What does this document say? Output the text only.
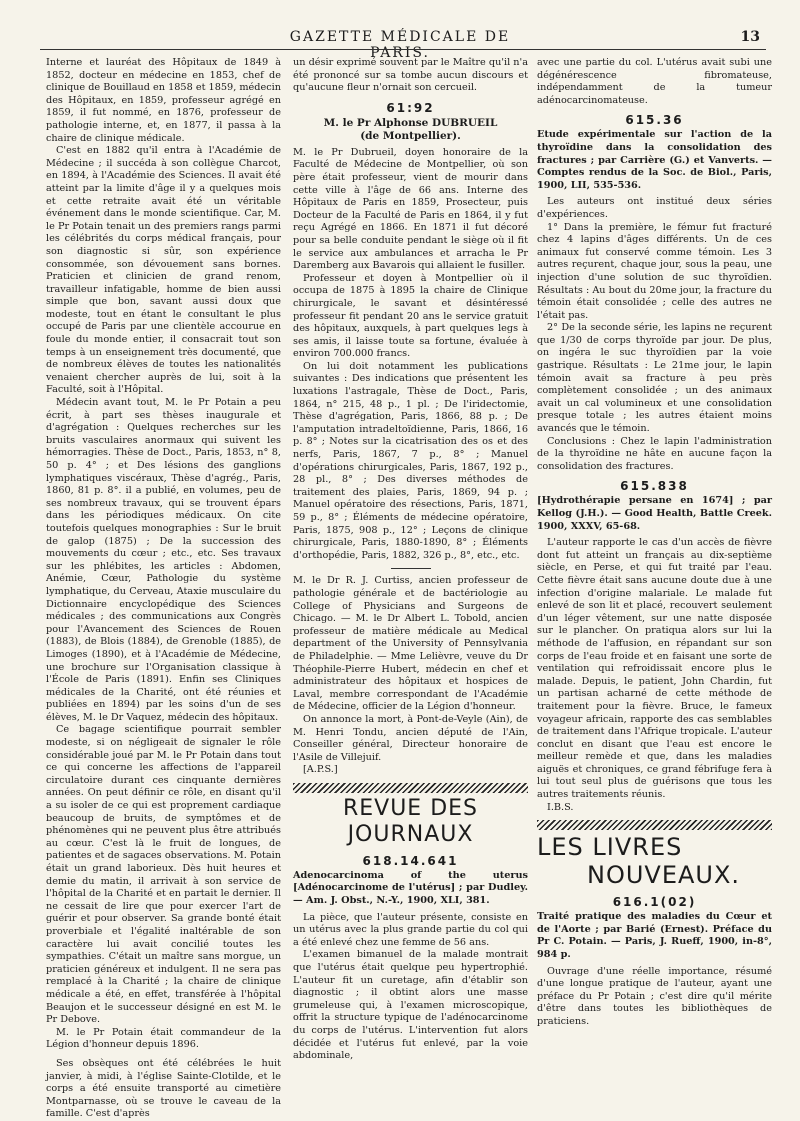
GAZETTE MÉDICALE DE PARIS.
13

Interne et lauréat des Hôpitaux de 1849 à 1852, docteur en médecine en 1853, chef de clinique de Bouillaud en 1858 et 1859, médecin des Hôpitaux, en 1859, professeur agrégé en 1859, il fut nommé, en 1876, professeur de pathologie interne, et, en 1877, il passa à la chaire de clinique médicale.

C'est en 1882 qu'il entra à l'Académie de Médecine ; il succéda à son collègue Charcot, en 1894, à l'Académie des Sciences. Il avait été atteint par la limite d'âge il y a quelques mois et cette retraite avait été un véritable événement dans le monde scientifique. Car, M. le Pr Potain tenait un des premiers rangs parmi les célébrités du corps médical français, pour son diagnostic si sûr, son expérience consommée, son dévouement sans bornes. Praticien et clinicien de grand renom, travailleur infatigable, homme de bien aussi simple que bon, savant aussi doux que modeste, tout en étant le consultant le plus occupé de Paris par une clientèle accourue en foule du monde entier, il consacrait tout son temps à un enseignement très documenté, que de nombreux élèves de toutes les nationalités venaient chercher auprès de lui, soit à la Faculté, soit à l'Hôpital.

Médecin avant tout, M. le Pr Potain a peu écrit, à part ses thèses inaugurale et d'agrégation : Quelques recherches sur les bruits vasculaires anormaux qui suivent les hémorragies. Thèse de Doct., Paris, 1853, n° 8, 50 p. 4° ; et Des lésions des ganglions lymphatiques viscéraux, Thèse d'agrég., Paris, 1860, 81 p. 8°. il a publié, en volumes, peu de ses nombreux travaux, qui se trouvent épars dans les périodiques médicaux. On cite toutefois quelques monographies : Sur le bruit de galop (1875) ; De la succession des mouvements du cœur ; etc., etc. Ses travaux sur les phlébites, les articles : Abdomen, Anémie, Cœur, Pathologie du système lymphatique, du Cerveau, Ataxie musculaire du Dictionnaire encyclopédique des Sciences médicales ; des communications aux Congrès pour l'Avancement des Sciences de Rouen (1883), de Blois (1884), de Grenoble (1885), de Limoges (1890), et à l'Académie de Médecine, une brochure sur l'Organisation classique à l'École de Paris (1891). Enfin ses Cliniques médicales de la Charité, ont été réunies et publiées en 1894) par les soins d'un de ses élèves, M. le Dr Vaquez, médecin des hôpitaux.

Ce bagage scientifique pourrait sembler modeste, si on négligeait de signaler le rôle considérable joué par M. le Pr Potain dans tout ce qui concerne les affections de l'appareil circulatoire durant ces cinquante dernières années. On peut définir ce rôle, en disant qu'il a su isoler de ce qui est proprement cardiaque beaucoup de bruits, de symptômes et de phénomènes qui ne peuvent plus être attribués au cœur. C'est là le fruit de longues, de patientes et de sagaces observations. M. Potain était un grand laborieux. Dès huit heures et demie du matin, il arrivait à son service de l'hôpital de la Charité et en partait le dernier. Il ne cessait de lire que pour exercer l'art de guérir et pour observer. Sa grande bonté était proverbiale et l'égalité inaltérable de son caractère lui avait concilié toutes les sympathies. C'était un maître sans morgue, un praticien généreux et indulgent. Il ne sera pas remplacé à la Charité ; la chaire de clinique médicale a été, en effet, transférée à l'hôpital Beaujon et le successeur désigné en est M. le Pr Debove.

M. le Pr Potain était commandeur de la Légion d'honneur depuis 1896.

Ses obsèques ont été célébrées le huit janvier, à midi, à l'église Sainte-Clotilde, et le corps a été ensuite transporté au cimetière Montparnasse, où se trouve le caveau de la famille. C'est d'après

un désir exprimé souvent par le Maître qu'il n'a été prononcé sur sa tombe aucun discours et qu'aucune fleur n'ornait son cercueil.

61:92
M. le Pr Alphonse DUBRUEIL
(de Montpellier).

M. le Pr Dubrueil, doyen honoraire de la Faculté de Médecine de Montpellier, où son père était professeur, vient de mourir dans cette ville à l'âge de 66 ans. Interne des Hôpitaux de Paris en 1859, Prosecteur, puis Docteur de la Faculté de Paris en 1864, il y fut reçu Agrégé en 1866. En 1871 il fut décoré pour sa belle conduite pendant le siège où il fit le service aux ambulances et arracha le Pr Daremberg aux Bavarois qui allaient le fusiller.

Professeur et doyen à Montpellier où il occupa de 1875 à 1895 la chaire de Clinique chirurgicale, le savant et désintéressé professeur fit pendant 20 ans le service gratuit des hôpitaux, auxquels, à part quelques legs à ses amis, il laisse toute sa fortune, évaluée à environ 700.000 francs.

On lui doit notamment les publications suivantes : Des indications que présentent les luxations l'astragale, Thèse de Doct., Paris, 1864, n° 215, 48 p., 1 pl. ; De l'iridectomie, Thèse d'agrégation, Paris, 1866, 88 p. ; De l'amputation intradeltoïdienne, Paris, 1866, 16 p. 8° ; Notes sur la cicatrisation des os et des nerfs, Paris, 1867, 7 p., 8° ; Manuel d'opérations chirurgicales, Paris, 1867, 192 p., 28 pl., 8° ; Des diverses méthodes de traitement des plaies, Paris, 1869, 94 p. ; Manuel opératoire des résections, Paris, 1871, 59 p., 8° ; Éléments de médecine opératoire, Paris, 1875, 908 p., 12° ; Leçons de clinique chirurgicale, Paris, 1880-1890, 8° ; Éléments d'orthopédie, Paris, 1882, 326 p., 8°, etc., etc.

M. le Dr R. J. Curtiss, ancien professeur de pathologie générale et de bactériologie au College of Physicians and Surgeons de Chicago. — M. le Dr Albert L. Tobold, ancien professeur de matière médicale au Medical department of the University of Pennsylvania de Philadelphie. — Mme Lelièvre, veuve du Dr Théophile-Pierre Hubert, médecin en chef et administrateur des hôpitaux et hospices de Laval, membre correspondant de l'Académie de Médecine, officier de la Légion d'honneur.

On annonce la mort, à Pont-de-Veyle (Ain), de M. Henri Tondu, ancien député de l'Ain, Conseiller général, Directeur honoraire de l'Asile de Villejuif.

[A.P.S.]
REVUE DES JOURNAUX
618.14.641

Adenocarcinoma of the uterus [Adénocarcinome de l'utérus] ; par Dudley. — Am. J. Obst., N.-Y., 1900, XLI, 381.

La pièce, que l'auteur présente, consiste en un utérus avec la plus grande partie du col qui a été enlevé chez une femme de 56 ans.

L'examen bimanuel de la malade montrait que l'utérus était quelque peu hypertrophié. L'auteur fit un curetage, afin d'établir son diagnostic ; il obtint alors une masse grumeleuse qui, à l'examen microscopique, offrit la structure typique de l'adénocarcinome du corps de l'utérus. L'intervention fut alors décidée et l'utérus fut enlevé, par la voie abdominale,

avec une partie du col. L'utérus avait subi une dégénérescence fibromateuse, indépendamment de la tumeur adénocarcinomateuse.

615.36

Etude expérimentale sur l'action de la thyroïdine dans la consolidation des fractures ; par Carrière (G.) et Vanverts. — Comptes rendus de la Soc. de Biol., Paris, 1900, LII, 535-536.

Les auteurs ont institué deux séries d'expériences.

1° Dans la première, le fémur fut fracturé chez 4 lapins d'âges différents. Un de ces animaux fut conservé comme témoin. Les 3 autres reçurent, chaque jour, sous la peau, une injection d'une solution de suc thyroïdien. Résultats : Au bout du 20me jour, la fracture du témoin était consolidée ; celle des autres ne l'était pas.

2° De la seconde série, les lapins ne reçurent que 1/30 de corps thyroïde par jour. De plus, on ingéra le suc thyroïdien par la voie gastrique. Résultats : Le 21me jour, le lapin témoin avait sa fracture à peu près complètement consolidée ; un des animaux avait un cal volumineux et une consolidation presque totale ; les autres étaient moins avancés que le témoin.

Conclusions : Chez le lapin l'administration de la thyroïdine ne hâte en aucune façon la consolidation des fractures.

615.838

[Hydrothérapie persane en 1674] ; par Kellog (J.H.). — Good Health, Battle Creek. 1900, XXXV, 65-68.

L'auteur rapporte le cas d'un accès de fièvre dont fut atteint un français au dix-septième siècle, en Perse, et qui fut traité par l'eau. Cette fièvre était sans aucune doute due à une infection d'origine malariale. Le malade fut enlevé de son lit et placé, recouvert seulement d'un léger vêtement, sur une natte disposée sur le plancher. On pratiqua alors sur lui la méthode de l'affusion, en répandant sur son corps de l'eau froide et en faisant une sorte de ventilation qui refroidissait encore plus le malade. Depuis, le patient, John Chardin, fut un partisan acharné de cette méthode de traitement pour la fièvre. Bruce, le fameux voyageur africain, rapporte des cas semblables de traitement dans l'Afrique tropicale. L'auteur conclut en disant que l'eau est encore le meilleur remède et que, dans les maladies aiguës et chroniques, ce grand fébrifuge fera à lui tout seul plus de guérisons que tous les autres traitements réunis.

I.B.S.
LES LIVRES
NOUVEAUX.
616.1(02)

Traité pratique des maladies du Cœur et de l'Aorte ; par Barié (Ernest). Préface du Pr C. Potain. — Paris, J. Rueff, 1900, in-8°, 984 p.

Ouvrage d'une réelle importance, résumé d'une longue pratique de l'auteur, ayant une préface du Pr Potain ; c'est dire qu'il mérite d'être dans toutes les bibliothèques de praticiens.
